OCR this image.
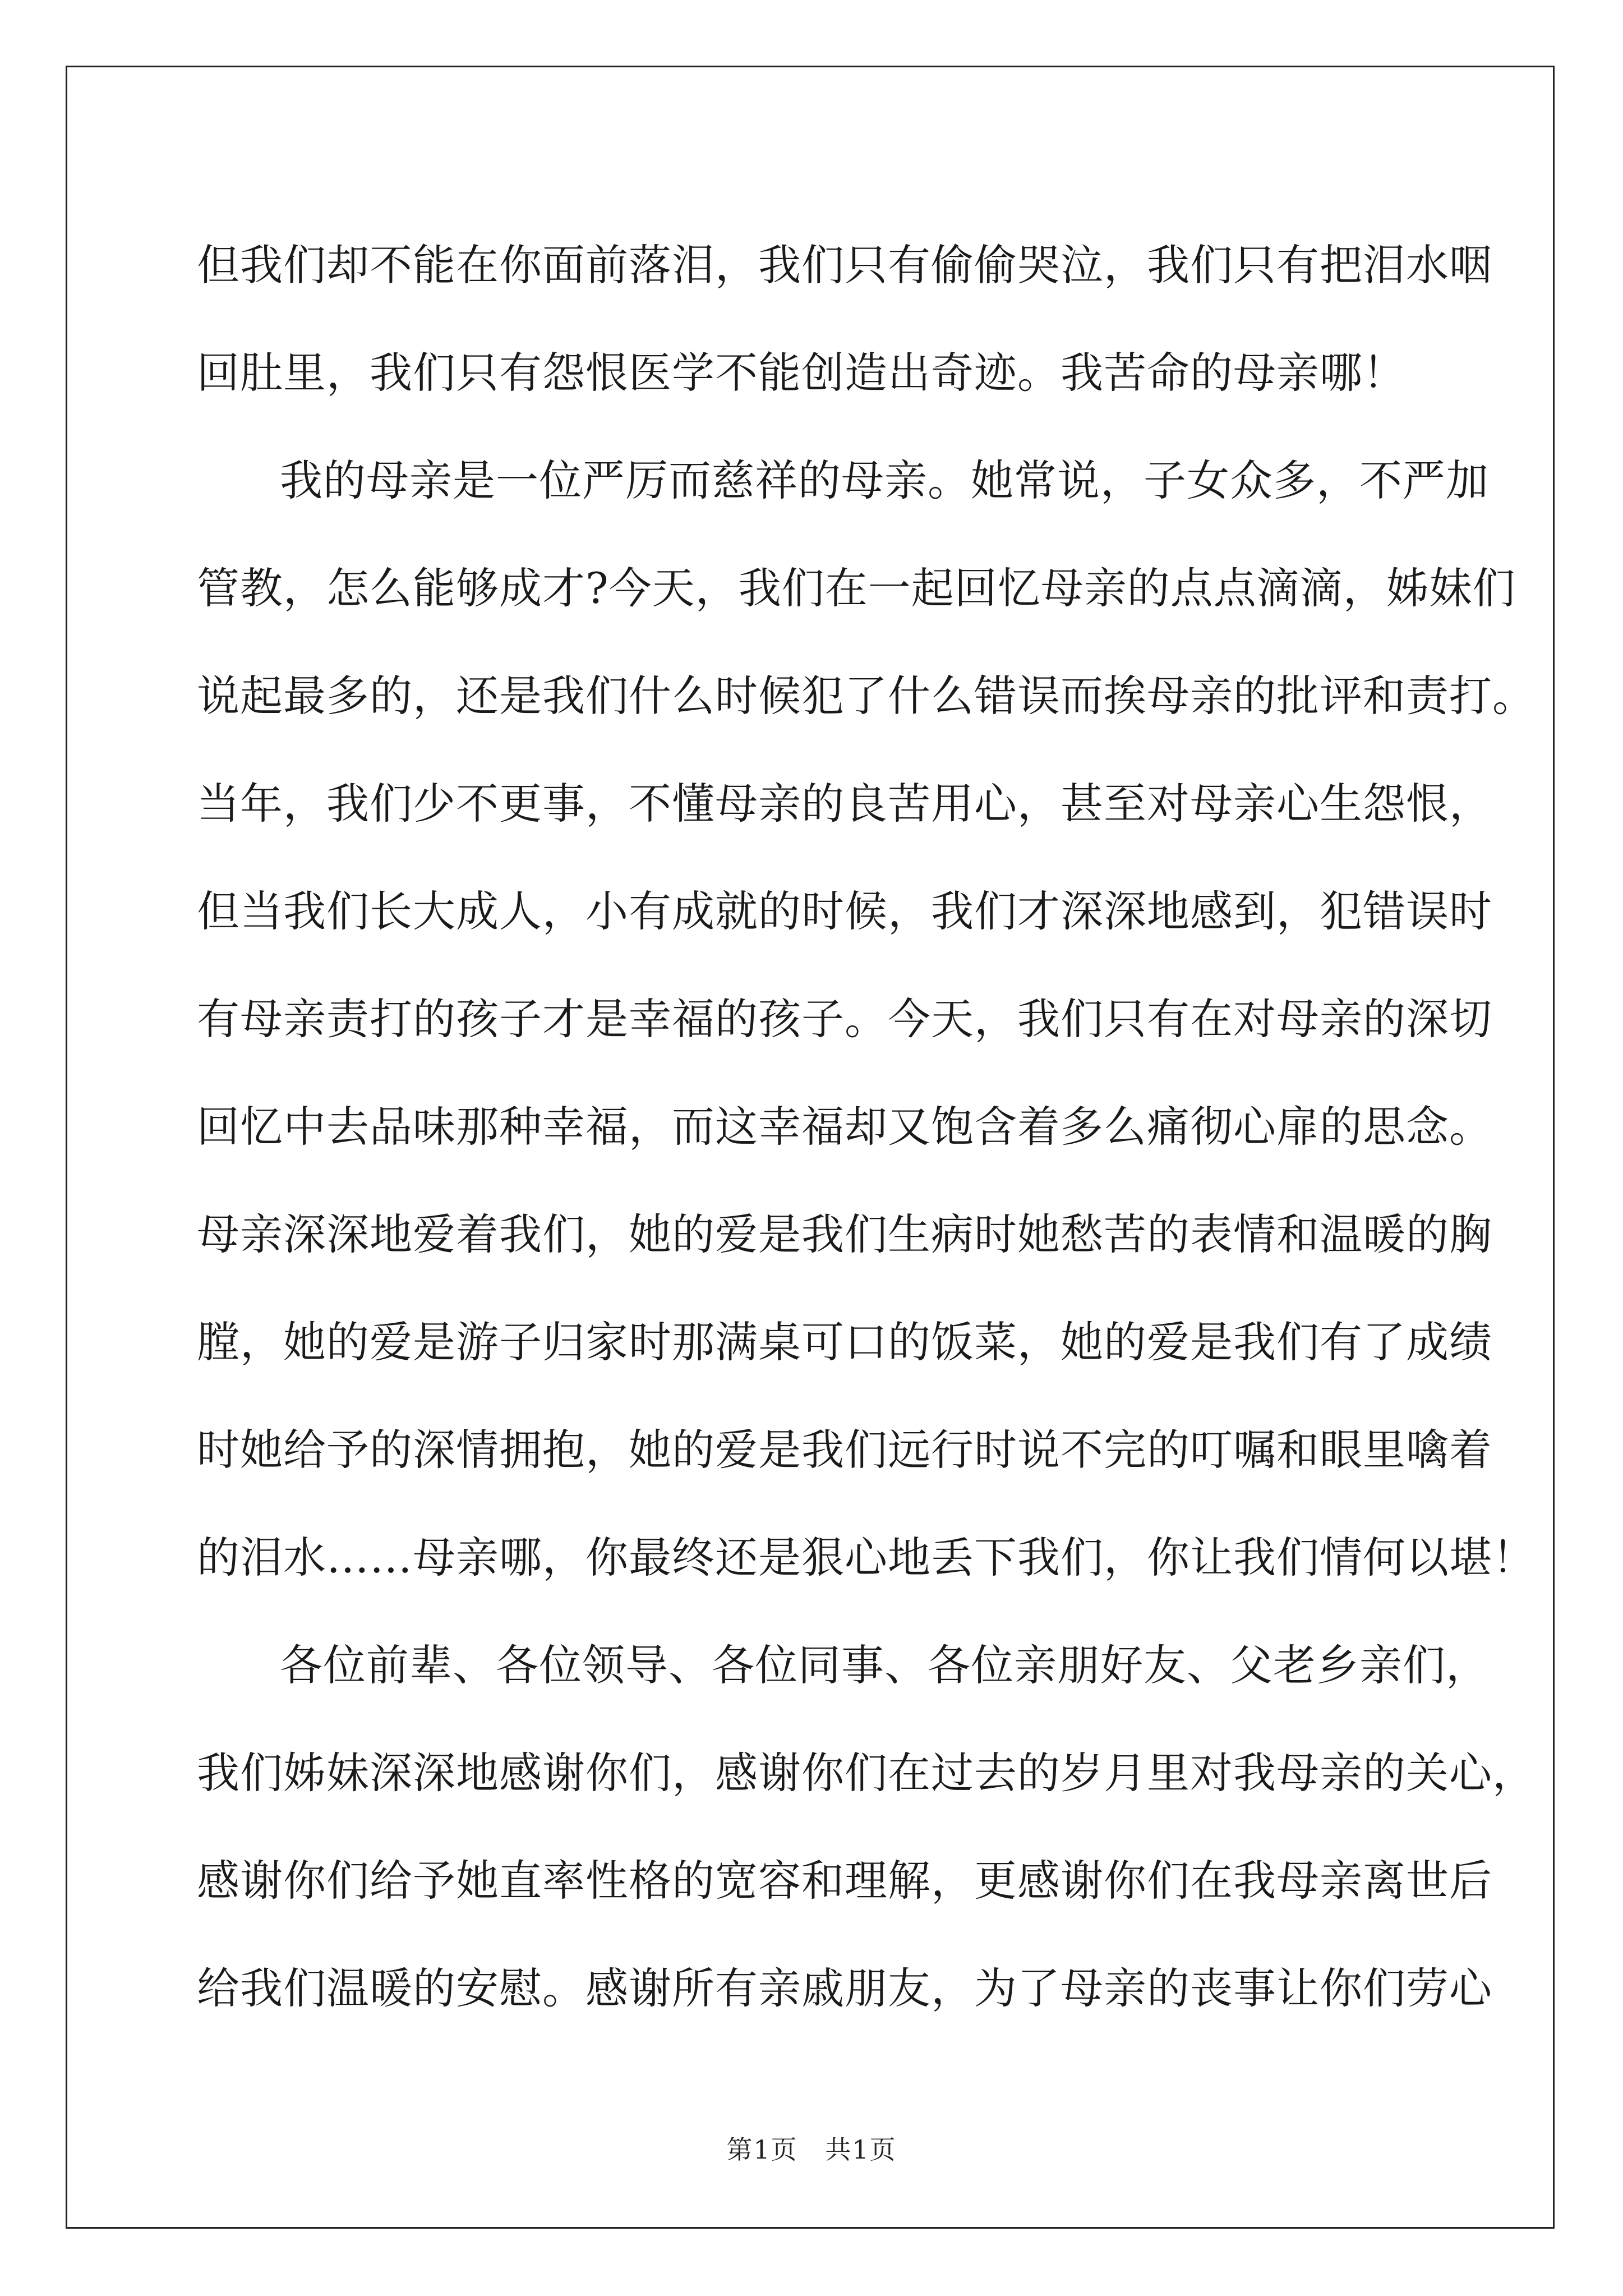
但我们却不能在你面前落泪，我们只有偷偷哭泣，我们只有把泪水咽
回肚里，我们只有怨恨医学不能创造出奇迹。我苦命的母亲哪！
我的母亲是一位严厉而慈祥的母亲。她常说，子女众多，不严加
管教，怎么能够成才?今天，我们在一起回忆母亲的点点滴滴，姊妹们
说起最多的，还是我们什么时候犯了什么错误而挨母亲的批评和责打。
当年，我们少不更事，不懂母亲的良苦用心，甚至对母亲心生怨恨，
但当我们长大成人，小有成就的时候，我们才深深地感到，犯错误时
有母亲责打的孩子才是幸福的孩子。今天，我们只有在对母亲的深切
回忆中去品味那种幸福，而这幸福却又饱含着多么痛彻心扉的思念。
母亲深深地爱着我们，她的爱是我们生病时她愁苦的表情和温暖的胸
膛，她的爱是游子归家时那满桌可口的饭菜，她的爱是我们有了成绩
时她给予的深情拥抱，她的爱是我们远行时说不完的叮嘱和眼里噙着
的泪水……母亲哪，你最终还是狠心地丢下我们，你让我们情何以堪！
各位前辈、各位领导、各位同事、各位亲朋好友、父老乡亲们，
我们姊妹深深地感谢你们，感谢你们在过去的岁月里对我母亲的关心，
感谢你们给予她直率性格的宽容和理解，更感谢你们在我母亲离世后
给我们温暖的安慰。感谢所有亲戚朋友，为了母亲的丧事让你们劳心
第1页 共1页
